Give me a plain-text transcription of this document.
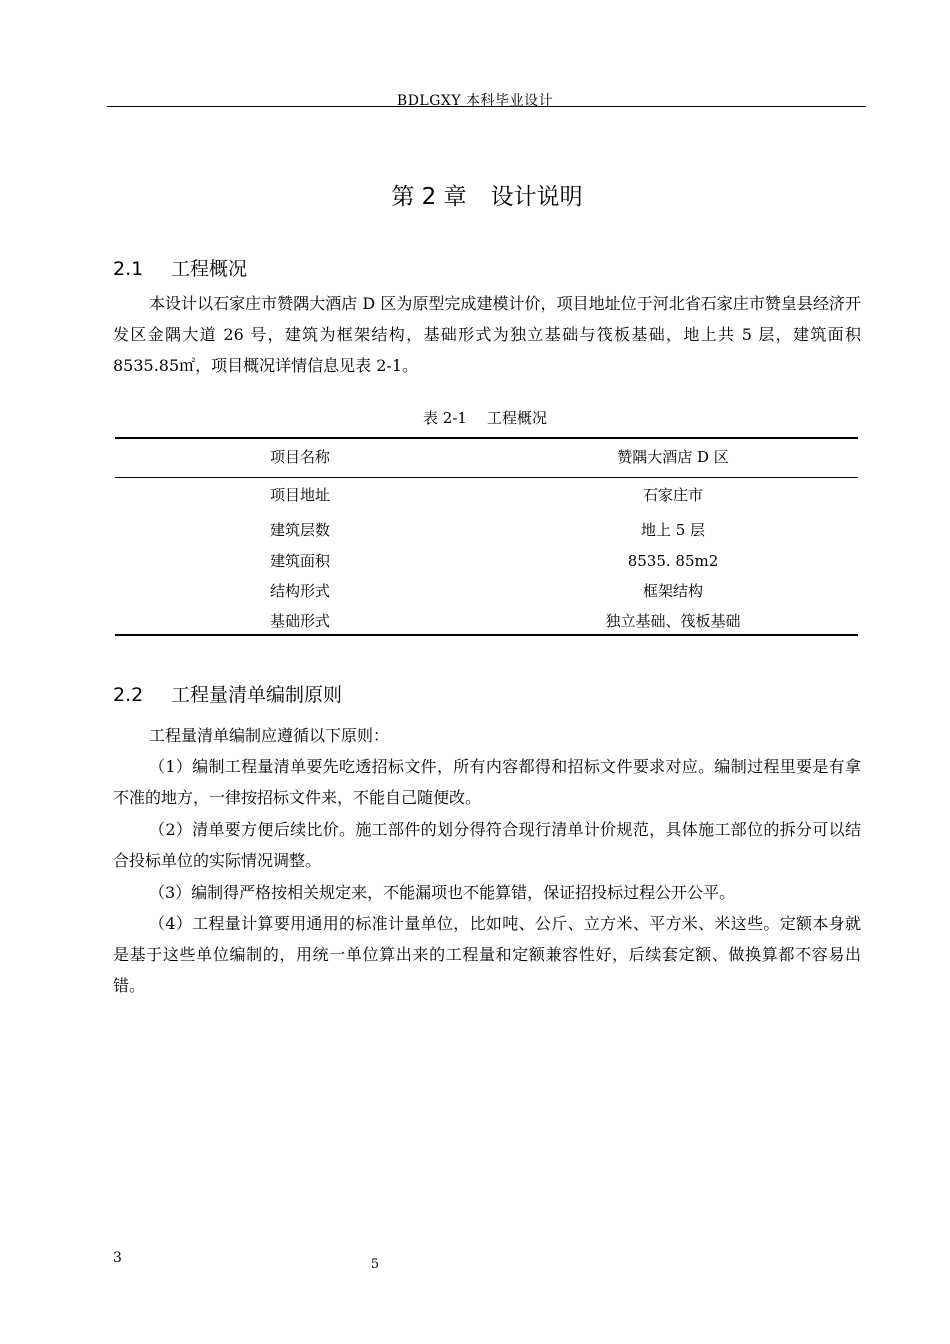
BDLGXY 本科毕业设计
第 2 章 设计说明
2.1 工程概况
本设计以石家庄市赞隅大酒店 D 区为原型完成建模计价，项目地址位于河北省石家庄市赞皇县经济开发区金隅大道 26 号，建筑为框架结构，基础形式为独立基础与筏板基础，地上共 5 层，建筑面积 8535.85㎡，项目概况详情信息见表 2-1。
表 2-1 工程概况
项目名称	赞隅大酒店 D 区
项目地址	石家庄市
建筑层数	地上 5 层
建筑面积	8535. 85m2
结构形式	框架结构
基础形式	独立基础、筏板基础
2.2 工程量清单编制原则
工程量清单编制应遵循以下原则：
（1）编制工程量清单要先吃透招标文件，所有内容都得和招标文件要求对应。编制过程里要是有拿不准的地方，一律按招标文件来，不能自己随便改。
（2）清单要方便后续比价。施工部件的划分得符合现行清单计价规范，具体施工部位的拆分可以结合投标单位的实际情况调整。
（3）编制得严格按相关规定来，不能漏项也不能算错，保证招投标过程公开公平。
（4）工程量计算要用通用的标准计量单位，比如吨、公斤、立方米、平方米、米这些。定额本身就是基于这些单位编制的，用统一单位算出来的工程量和定额兼容性好，后续套定额、做换算都不容易出错。
3	5
